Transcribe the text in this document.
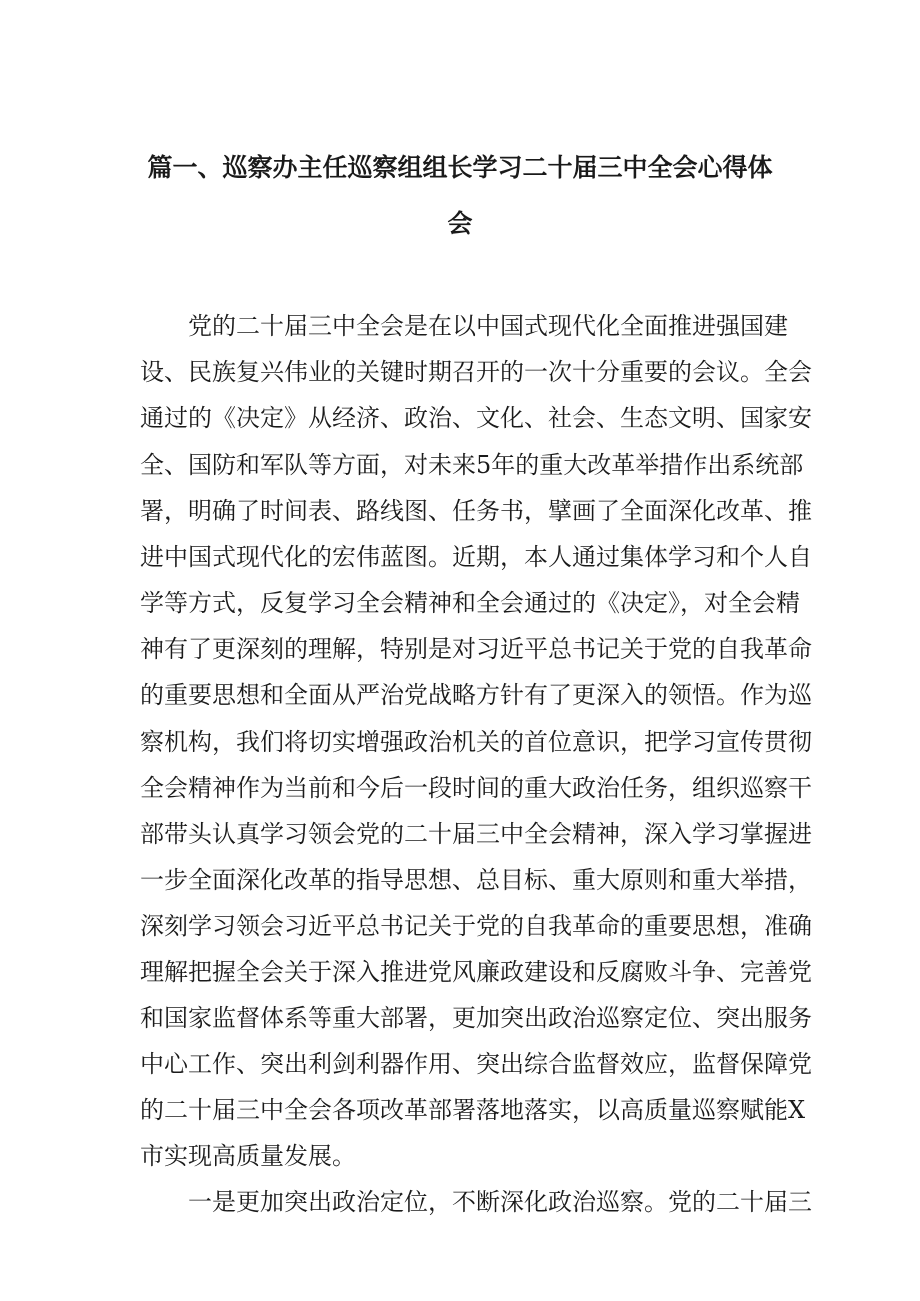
篇一、巡察办主任巡察组组长学习二十届三中全会心得体
会
党的二十届三中全会是在以中国式现代化全面推进强国建
设、民族复兴伟业的关键时期召开的一次十分重要的会议。全会
通过的《决定》从经济、政治、文化、社会、生态文明、国家安
全、国防和军队等方面，对未来5年的重大改革举措作出系统部
署，明确了时间表、路线图、任务书，擘画了全面深化改革、推
进中国式现代化的宏伟蓝图。近期，本人通过集体学习和个人自
学等方式，反复学习全会精神和全会通过的《决定》，对全会精
神有了更深刻的理解，特别是对习近平总书记关于党的自我革命
的重要思想和全面从严治党战略方针有了更深入的领悟。作为巡
察机构，我们将切实增强政治机关的首位意识，把学习宣传贯彻
全会精神作为当前和今后一段时间的重大政治任务，组织巡察干
部带头认真学习领会党的二十届三中全会精神，深入学习掌握进
一步全面深化改革的指导思想、总目标、重大原则和重大举措，
深刻学习领会习近平总书记关于党的自我革命的重要思想，准确
理解把握全会关于深入推进党风廉政建设和反腐败斗争、完善党
和国家监督体系等重大部署，更加突出政治巡察定位、突出服务
中心工作、突出利剑利器作用、突出综合监督效应，监督保障党
的二十届三中全会各项改革部署落地落实，以高质量巡察赋能X
市实现高质量发展。
一是更加突出政治定位，不断深化政治巡察。党的二十届三
